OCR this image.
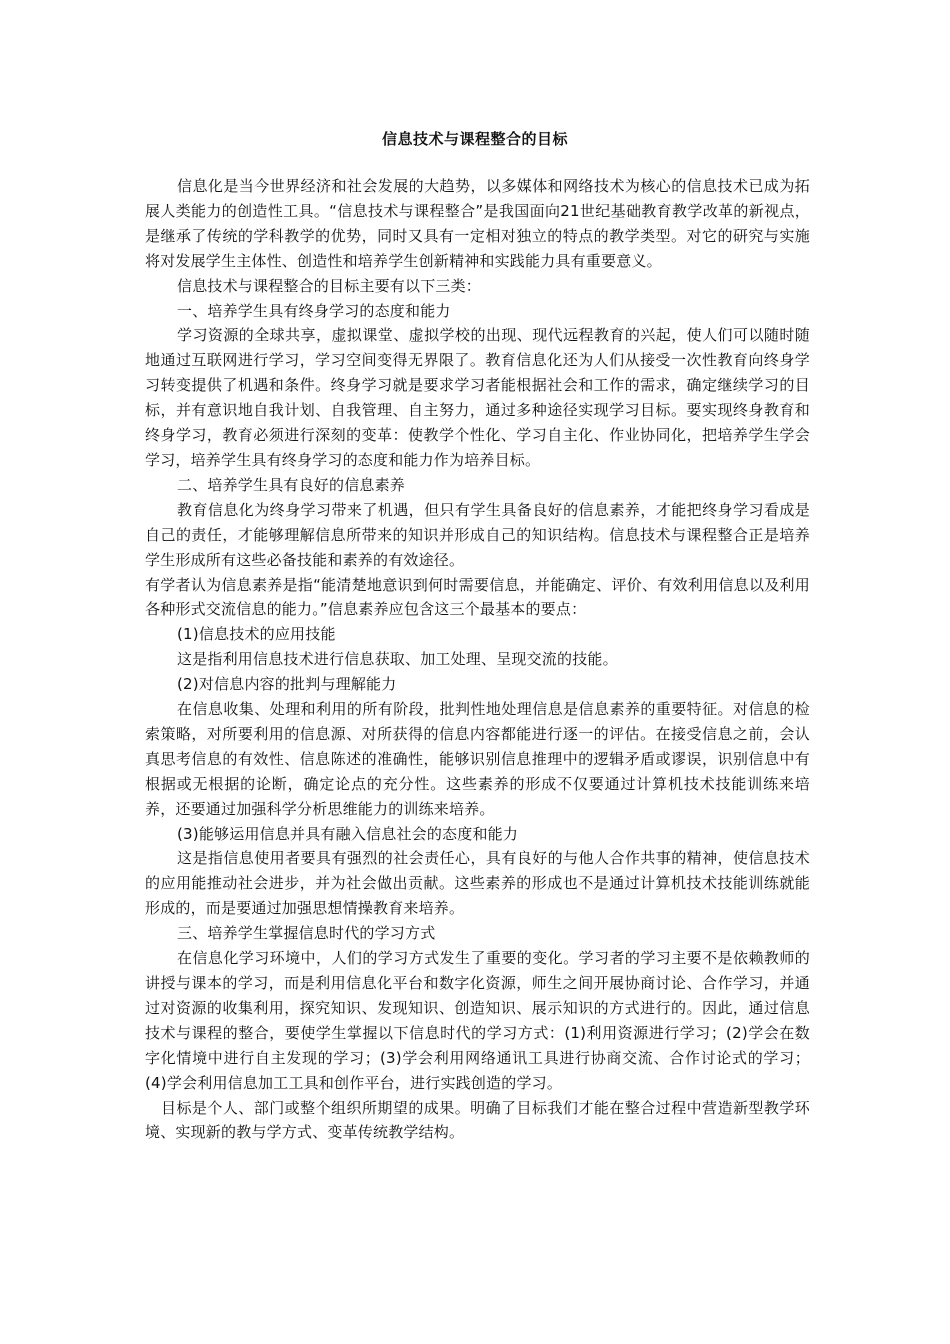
信息技术与课程整合的目标

信息化是当今世界经济和社会发展的大趋势，以多媒体和网络技术为核心的信息技术已成为拓展人类能力的创造性工具。“信息技术与课程整合”是我国面向21世纪基础教育教学改革的新视点，是继承了传统的学科教学的优势，同时又具有一定相对独立的特点的教学类型。对它的研究与实施将对发展学生主体性、创造性和培养学生创新精神和实践能力具有重要意义。

信息技术与课程整合的目标主要有以下三类：

一、培养学生具有终身学习的态度和能力

学习资源的全球共享，虚拟课堂、虚拟学校的出现、现代远程教育的兴起，使人们可以随时随地通过互联网进行学习，学习空间变得无界限了。教育信息化还为人们从接受一次性教育向终身学习转变提供了机遇和条件。终身学习就是要求学习者能根据社会和工作的需求，确定继续学习的目标，并有意识地自我计划、自我管理、自主努力，通过多种途径实现学习目标。要实现终身教育和终身学习，教育必须进行深刻的变革：使教学个性化、学习自主化、作业协同化，把培养学生学会学习，培养学生具有终身学习的态度和能力作为培养目标。

二、培养学生具有良好的信息素养

教育信息化为终身学习带来了机遇，但只有学生具备良好的信息素养，才能把终身学习看成是自己的责任，才能够理解信息所带来的知识并形成自己的知识结构。信息技术与课程整合正是培养学生形成所有这些必备技能和素养的有效途径。

有学者认为信息素养是指“能清楚地意识到何时需要信息，并能确定、评价、有效利用信息以及利用各种形式交流信息的能力。”信息素养应包含这三个最基本的要点：

(1)信息技术的应用技能

这是指利用信息技术进行信息获取、加工处理、呈现交流的技能。

(2)对信息内容的批判与理解能力

在信息收集、处理和利用的所有阶段，批判性地处理信息是信息素养的重要特征。对信息的检索策略，对所要利用的信息源、对所获得的信息内容都能进行逐一的评估。在接受信息之前，会认真思考信息的有效性、信息陈述的准确性，能够识别信息推理中的逻辑矛盾或谬误，识别信息中有根据或无根据的论断，确定论点的充分性。这些素养的形成不仅要通过计算机技术技能训练来培养，还要通过加强科学分析思维能力的训练来培养。

(3)能够运用信息并具有融入信息社会的态度和能力

这是指信息使用者要具有强烈的社会责任心，具有良好的与他人合作共事的精神，使信息技术的应用能推动社会进步，并为社会做出贡献。这些素养的形成也不是通过计算机技术技能训练就能形成的，而是要通过加强思想情操教育来培养。

三、培养学生掌握信息时代的学习方式

在信息化学习环境中，人们的学习方式发生了重要的变化。学习者的学习主要不是依赖教师的讲授与课本的学习，而是利用信息化平台和数字化资源，师生之间开展协商讨论、合作学习，并通过对资源的收集利用，探究知识、发现知识、创造知识、展示知识的方式进行的。因此，通过信息技术与课程的整合，要使学生掌握以下信息时代的学习方式：(1)利用资源进行学习；(2)学会在数字化情境中进行自主发现的学习；(3)学会利用网络通讯工具进行协商交流、合作讨论式的学习；(4)学会利用信息加工工具和创作平台，进行实践创造的学习。

目标是个人、部门或整个组织所期望的成果。明确了目标我们才能在整合过程中营造新型教学环境、实现新的教与学方式、变革传统教学结构。
